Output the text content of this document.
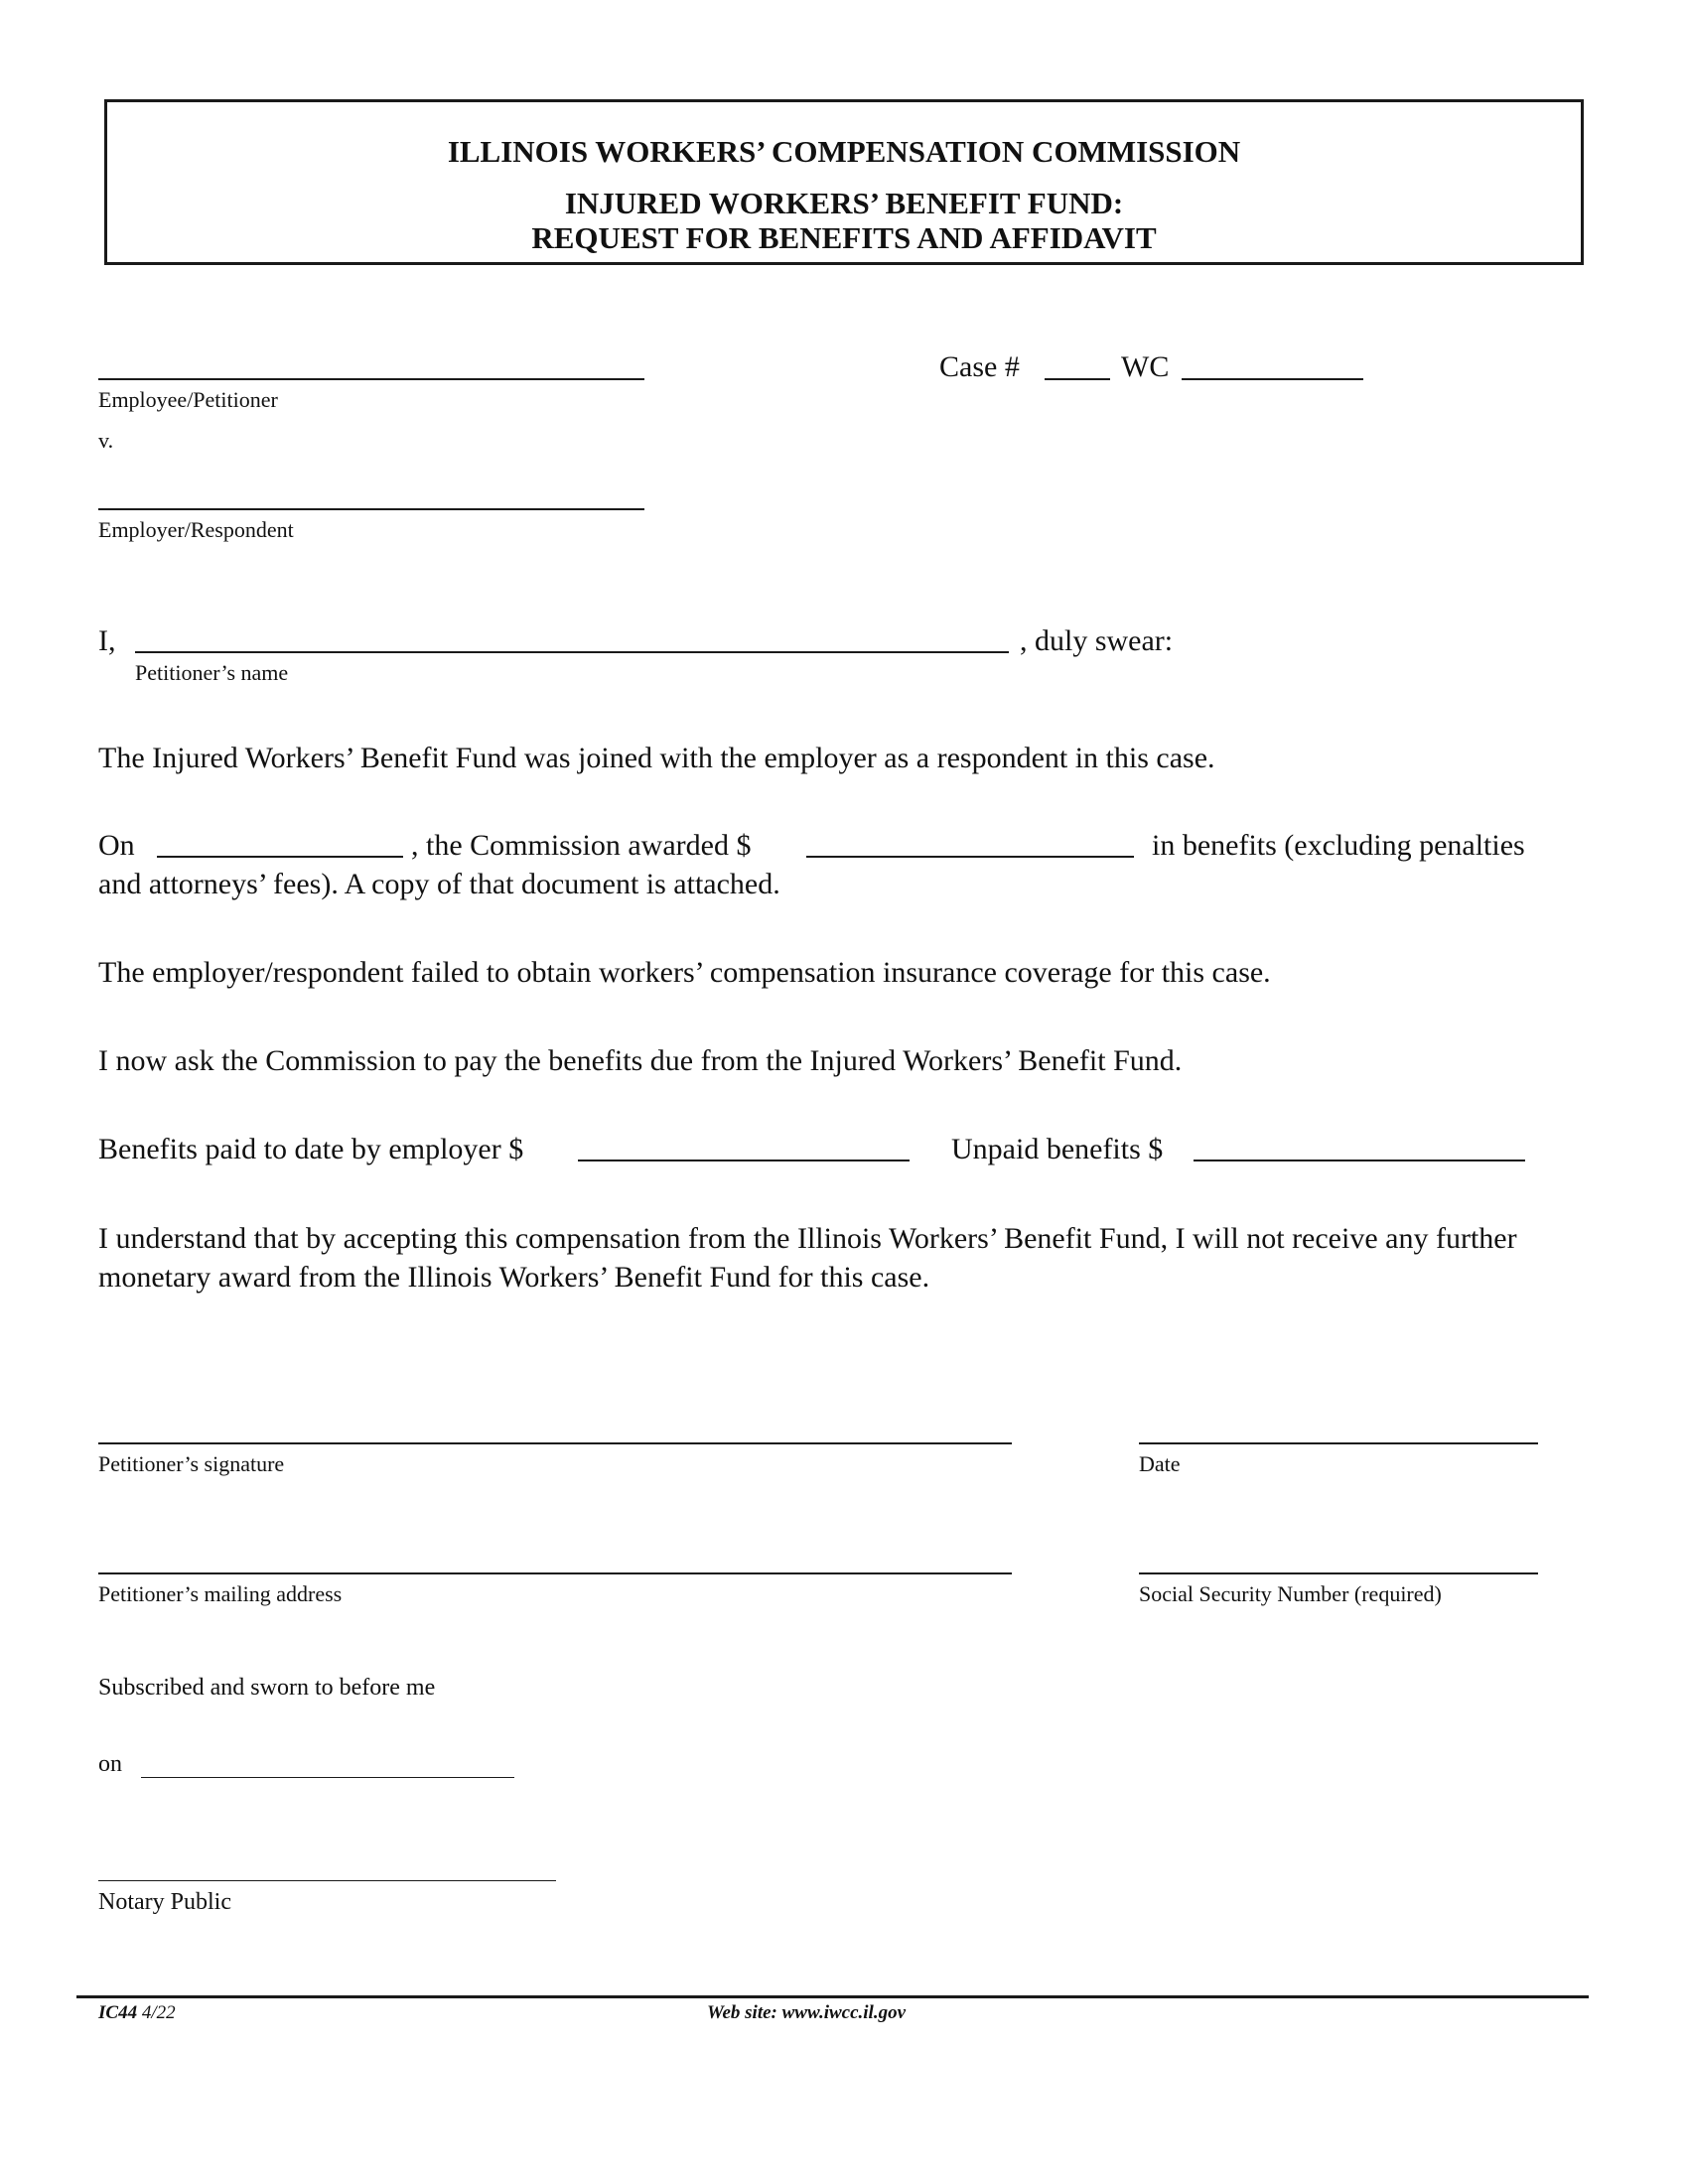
ILLINOIS WORKERS’ COMPENSATION COMMISSION
INJURED WORKERS’ BENEFIT FUND:
REQUEST FOR BENEFITS AND AFFIDAVIT
Employee/Petitioner
v.
Employer/Respondent
Case #	WC
I,	, duly swear:
Petitioner’s name
The Injured Workers’ Benefit Fund was joined with the employer as a respondent in this case.
On	, the Commission awarded $	in benefits (excluding penalties
and attorneys’ fees). A copy of that document is attached.
The employer/respondent failed to obtain workers’ compensation insurance coverage for this case.
I now ask the Commission to pay the benefits due from the Injured Workers’ Benefit Fund.
Benefits paid to date by employer $	Unpaid benefits $
I understand that by accepting this compensation from the Illinois Workers’ Benefit Fund, I will not receive any further monetary award from the Illinois Workers’ Benefit Fund for this case.
Petitioner’s signature	Date
Petitioner’s mailing address	Social Security Number (required)
Subscribed and sworn to before me
on
Notary Public
IC44 4/22	Web site: www.iwcc.il.gov
